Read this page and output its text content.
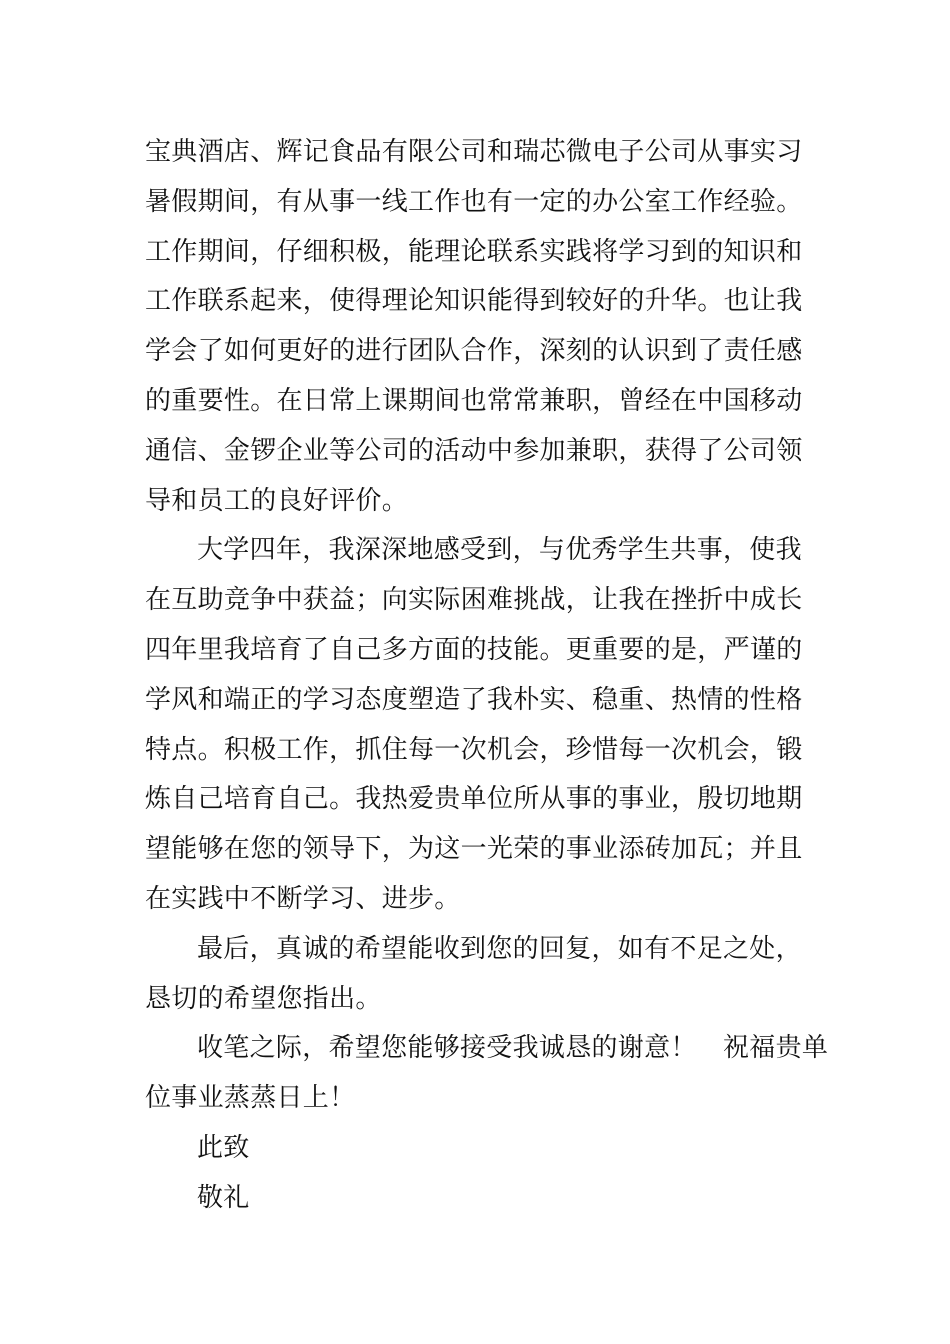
宝典酒店、辉记食品有限公司和瑞芯微电子公司从事实习
暑假期间，有从事一线工作也有一定的办公室工作经验。
工作期间，仔细积极，能理论联系实践将学习到的知识和
工作联系起来，使得理论知识能得到较好的升华。也让我
学会了如何更好的进行团队合作，深刻的认识到了责任感
的重要性。在日常上课期间也常常兼职，曾经在中国移动
通信、金锣企业等公司的活动中参加兼职，获得了公司领
导和员工的良好评价。
大学四年，我深深地感受到，与优秀学生共事，使我
在互助竞争中获益；向实际困难挑战，让我在挫折中成长
四年里我培育了自己多方面的技能。更重要的是，严谨的
学风和端正的学习态度塑造了我朴实、稳重、热情的性格
特点。积极工作，抓住每一次机会，珍惜每一次机会，锻
炼自己培育自己。我热爱贵单位所从事的事业，殷切地期
望能够在您的领导下，为这一光荣的事业添砖加瓦；并且
在实践中不断学习、进步。
最后，真诚的希望能收到您的回复，如有不足之处，
恳切的希望您指出。
收笔之际，希望您能够接受我诚恳的谢意！　祝福贵单
位事业蒸蒸日上！
此致
敬礼
